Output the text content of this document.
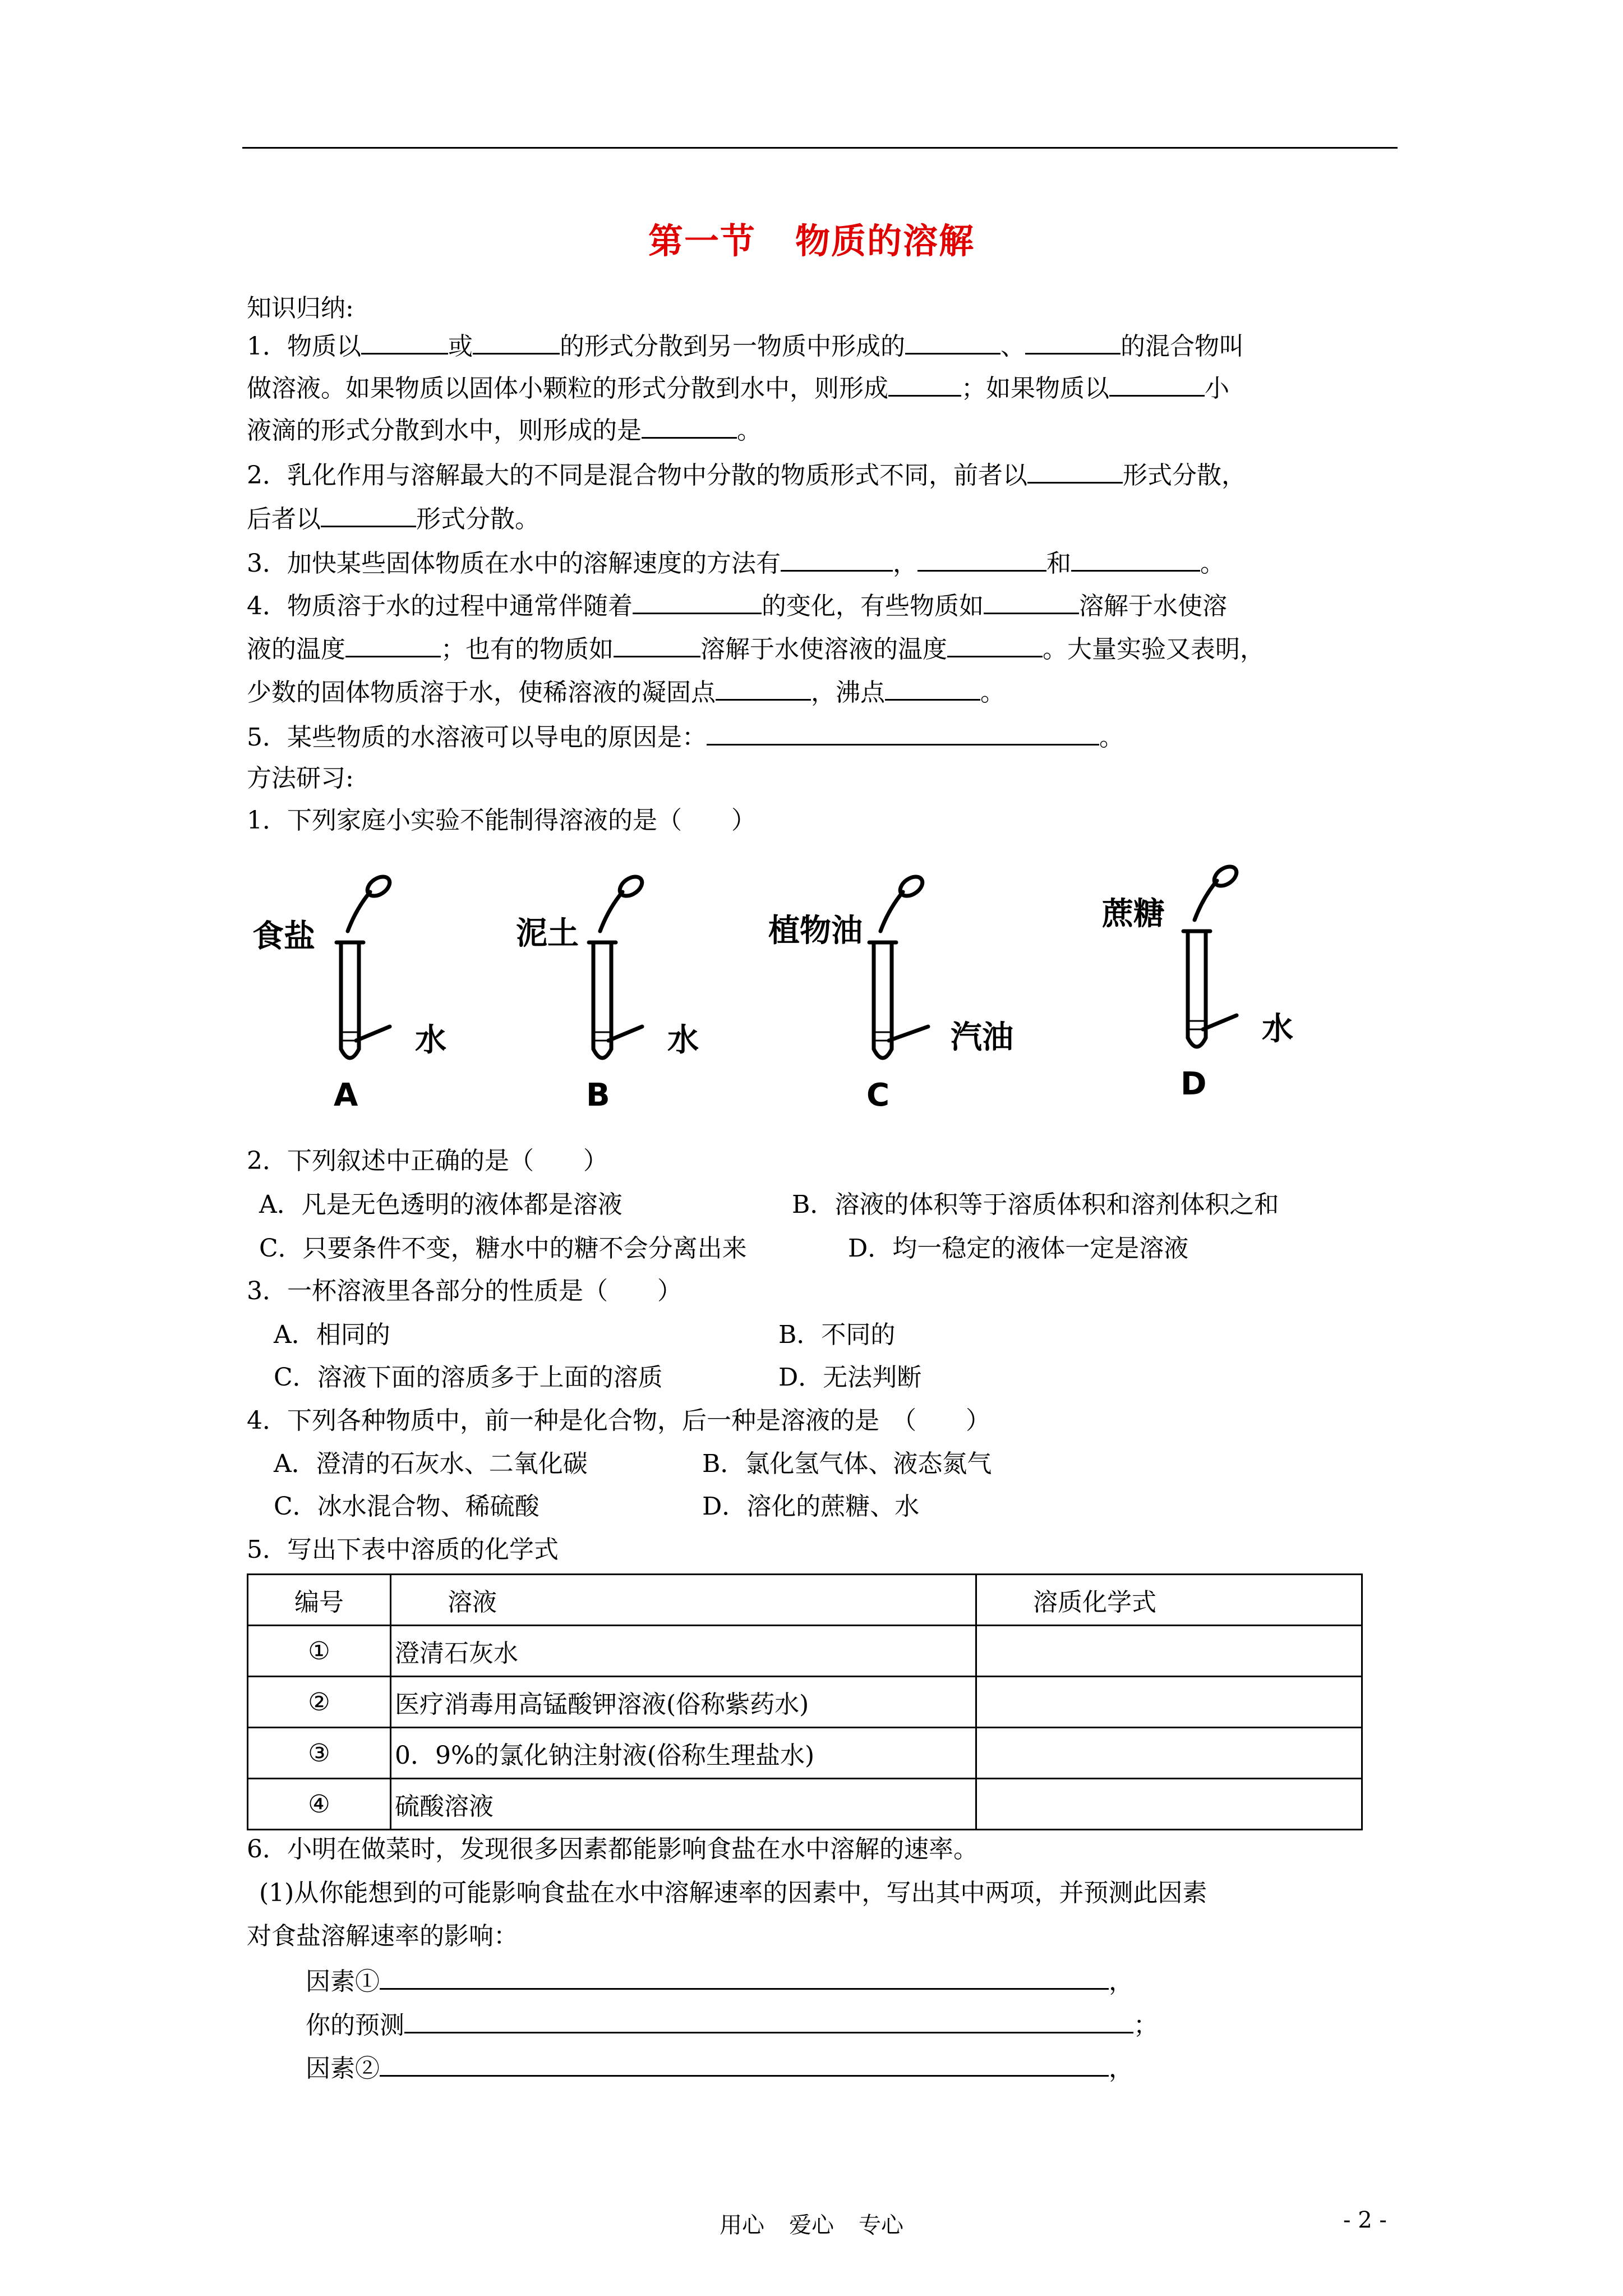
第一节 物质的溶解
知识归纳:
1．物质以	或	的形式分散到另一物质中形成的	、	的混合物叫
做溶液。如果物质以固体小颗粒的形式分散到水中，则形成	；如果物质以	小
液滴的形式分散到水中，则形成的是	。
2．乳化作用与溶解最大的不同是混合物中分散的物质形式不同，前者以	形式分散，
后者以	形式分散。
3．加快某些固体物质在水中的溶解速度的方法有	，	和	。
4．物质溶于水的过程中通常伴随着	的变化，有些物质如	溶解于水使溶
液的温度	；也有的物质如	溶解于水使溶液的温度	。大量实验又表明，
少数的固体物质溶于水，使稀溶液的凝固点	，沸点	。
5．某些物质的水溶液可以导电的原因是：	。
方法研习:
1．下列家庭小实验不能制得溶液的是（　　）
食盐
水
A
泥土
水
B
植物油
汽油
C
蔗糖
水
D
2．下列叙述中正确的是（　　）
A．凡是无色透明的液体都是溶液	B．溶液的体积等于溶质体积和溶剂体积之和
C．只要条件不变，糖水中的糖不会分离出来	D．均一稳定的液体一定是溶液
3．一杯溶液里各部分的性质是（　　）
A．相同的	B．不同的
C．溶液下面的溶质多于上面的溶质	D．无法判断
4．下列各种物质中，前一种是化合物，后一种是溶液的是　（　　）
A．澄清的石灰水、二氧化碳	B．氯化氢气体、液态氮气
C．冰水混合物、稀硫酸	D．溶化的蔗糖、水
5．写出下表中溶质的化学式
编号	溶液	溶质化学式
①	澄清石灰水	
②	医疗消毒用高锰酸钾溶液(俗称紫药水)	
③	0．9%的氯化钠注射液(俗称生理盐水)	
④	硫酸溶液	
6．小明在做菜时，发现很多因素都能影响食盐在水中溶解的速率。
(1)从你能想到的可能影响食盐在水中溶解速率的因素中，写出其中两项，并预测此因素
对食盐溶解速率的影响：
因素①	，
你的预测	；
因素②	，
用心 爱心 专心	- 2 -
